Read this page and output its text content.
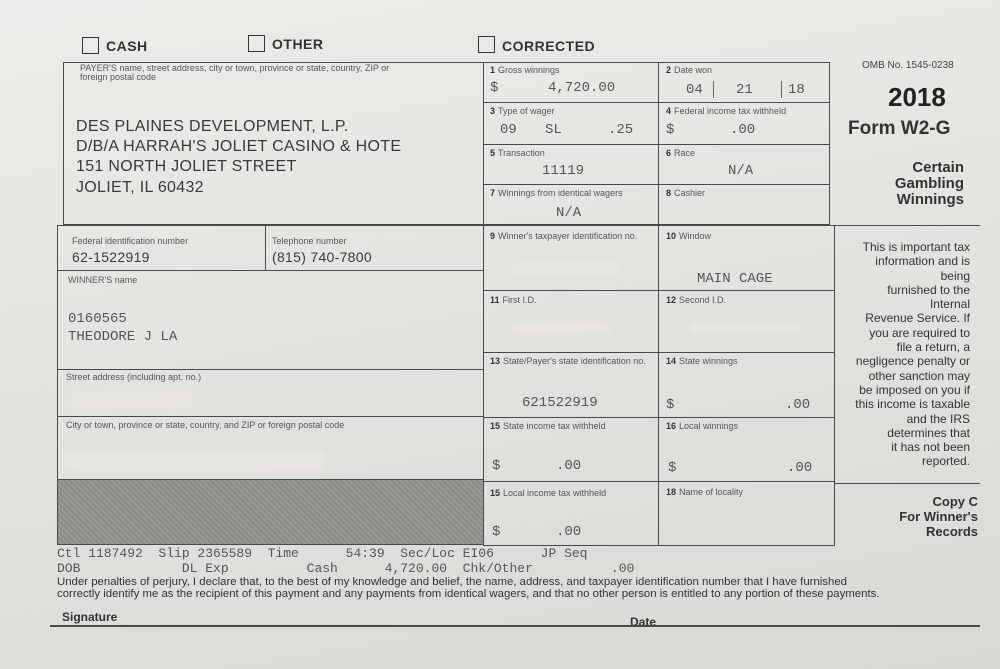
CASH	OTHER	CORRECTED
OMB No. 1545-0238
2018
Form W2-G
Certain
Gambling
Winnings
PAYER'S name, street address, city or town, province or state, country, ZIP or
foreign postal code
DES PLAINES DEVELOPMENT, L.P.
D/B/A HARRAH'S JOLIET CASINO & HOTE
151 NORTH JOLIET STREET
JOLIET, IL 60432
Federal identification number
62-1522919
Telephone number
(815) 740-7800
WINNER'S name
0160565
THEODORE J LA
Street address (including apt. no.)
City or town, province or state, country, and ZIP or foreign postal code
1 Gross winnings
$	4,720.00
2 Date won
04 21	18
3 Type of wager
09 SL	.25
4 Federal income tax withheld
$	.00
5 Transaction
11119
6 Race
N/A
7 Winnings from identical wagers
N/A
8 Cashier
9 Winner's taxpayer identification no.	10 Window
MAIN CAGE
11 First I.D.	12 Second I.D.
13 State/Payer's state identification no.
621522919
14 State winnings
$	.00
15 State income tax withheld
$	.00
16 Local winnings
$	.00
15 Local income tax withheld
$	.00
18 Name of locality
This is important tax
information and is
being
furnished to the
Internal
Revenue Service. If
you are required to
file a return, a
negligence penalty or
other sanction may
be imposed on you if
this income is taxable
and the IRS
determines that
it has not been
reported.
Copy C
For Winner's
Records
Ctl 1187492  Slip 2365589  Time      54:39  Sec/Loc EI06      JP Seq
DOB             DL Exp          Cash      4,720.00  Chk/Other          .00
Under penalties of perjury, I declare that, to the best of my knowledge and belief, the name, address, and taxpayer identification number that I have furnished
correctly identify me as the recipient of this payment and any payments from identical wagers, and that no other person is entitled to any portion of these payments.
Signature	Date
